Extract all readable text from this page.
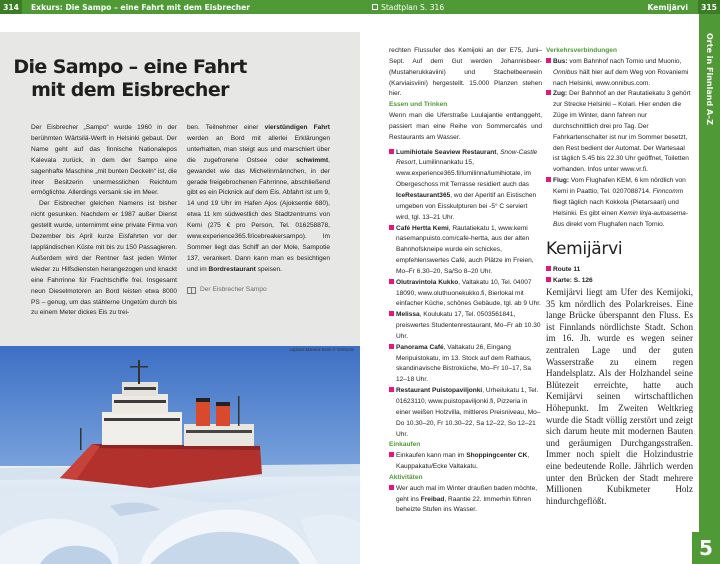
314	Exkurs: Die Sampo – eine Fahrt mit dem Eisbrecher	Stadtplan S. 316	Kemijärvi	315
Die Sampo – eine Fahrt
mit dem Eisbrecher

Der Eisbrecher „Sampo“ wurde 1960 in der berühmten Wärtsilä-Werft in Helsinki gebaut. Der Name geht auf das finnische Nationalepos Kalevala zurück, in dem der Sampo eine sagenhafte Maschine „mit bunten Deckeln“ ist, die ihrer Besitzerin unermesslichen Reichtum ermöglichte. Allerdings versank sie im Meer.

Der Eisbrecher gleichen Namens ist bisher nicht gesunken. Nachdem er 1987 außer Dienst gestellt wurde, unternimmt eine private Firma von Dezember bis April kurze Eisfahrten vor der lappländischen Küste mit bis zu 150 Passagieren. Außerdem wird der Rentner fast jeden Winter wieder zu Hilfsdiensten herangezogen und knackt eine Fahrrinne für Frachtschiffe frei. Insgesamt neun Dieselmotoren an Bord leisten etwa 8000 PS – genug, um das stählerne Ungetüm durch bis zu einem Meter dickes Eis zu trei-

ben. Teilnehmer einer vierstündigen Fahrt werden an Bord mit allerlei Erklärungen unterhalten, man steigt aus und marschiert über die zugefrorene Ostsee oder schwimmt, gewandet wie das Michelinmännchen, in der gerade freigebrochenen Fahrrinne, abschließend gibt es ein Picknick auf dem Eis. Abfahrt ist um 9, 14 und 19 Uhr im Hafen Ajos (Ajoksentie 680), etwa 11 km südwestlich des Stadtzentrums von Kemi (275 € pro Person, Tel. 016258878, www.experience365.fi/icebreakersampo). Im Sommer liegt das Schiff an der Mole, Sampotie 137, verankert. Dann kann man es besichtigen und im Bordrestaurant speisen.

Der Eisbrecher Sampo
Lapland Material Bank © VisitKemi

rechten Flussufer des Kemijoki an der E75, Juni–Sept. Auf dem Gut werden Johannisbeer- (Mustaherukkaviini) und Stachelbeerwein (Karviaisviini) hergestellt. 15.000 Planzen stehen hier.

Essen und Trinken

Wenn man die Uferstraße Luulajantie entlanggeht, passiert man eine Reihe von Sommercafés und Restaurants am Wasser.

Lumihiotale Seaview Restaurant, Snow-Castle Resort, Lumilinnankatu 15, www.experience365.fi/lumilinna/lumihiotale, im Obergeschoss mit Terrasse residiert auch das IceRestaurant365, wo der Aperitif an Eistischen umgeben von Eisskulpturen bei -5° C serviert wird, tgl. 13–21 Uhr.

Café Hertta Kemi, Rautatiekatu 1, www.kemi nasemanpuisto.com/cafe-hertta, aus der alten Bahnhofskneipe wurde ein schickes, empfehlenswertes Café, auch Plätze im Freien, Mo–Fr 6.30–20, Sa/So 8–20 Uhr.

Olutravintola Kukko, Valtakatu 10, Tel. 04007 18090, www.oluthuonekukko.fi, Bierlokal mit einfacher Küche, schönes Gebäude, tgl. ab 9 Uhr.

Melissa, Koulukatu 17, Tel. 0503561841, preiswertes Studentenrestaurant, Mo–Fr ab 10.30 Uhr.

Panorama Café, Valtakatu 26, Eingang Meripuistokatu, im 13. Stock auf dem Rathaus, skandinavische Bistroküche, Mo–Fr 10–17, Sa 12–18 Uhr.

Restaurant Puistopaviljonki, Urheilukatu 1, Tel. 01623110, www.puistopaviljonki.fi, Pizzeria in einer weißen Holzvilla, mittleres Preisniveau, Mo–Do 10.30–20, Fr 10.30–22, Sa 12–22, So 12–21 Uhr.

Einkaufen

Einkaufen kann man im Shoppingcenter CK, Kauppakatu/Ecke Valtakatu.

Aktivitäten

Wer auch mal im Winter draußen baden möchte, geht ins Freibad, Raantie 22. Immerhin führen beheizte Stufen ins Wasser.

Verkehrsverbindungen

Bus: vom Bahnhof nach Tornio und Muonio, Onnibus hält hier auf dem Weg von Rovaniemi nach Helsinki, www.onnibus.com.

Zug: Der Bahnhof an der Rautatiekatu 3 gehört zur Strecke Helsinki – Kolari. Hier enden die Züge im Winter, dann fahren nur durchschnittlich drei pro Tag. Der Fahrkartenschalter ist nur im Sommer besetzt, den Rest bedient der Automat. Der Wartesaal ist täglich 5.45 bis 22.30 Uhr geöffnet, Toiletten vorhanden. Infos unter www.vr.fi.

Flug: Vom Flughafen KEM, 6 km nördlich von Kemi in Paattio, Tel. 0207088714. Finncomm fliegt täglich nach Kokkola (Pietarsaari) und Helsinki. Es gibt einen Kemin linja-autoasema-Bus direkt vom Flughafen nach Tornio.

Kemijärvi

Route 11

Karte: S. 126

Kemijärvi liegt am Ufer des Kemijoki, 35 km nördlich des Polarkreises. Eine lange Brücke überspannt den Fluss. Es ist Finnlands nördlichste Stadt. Schon im 16. Jh. wurde es wegen seiner zentralen Lage und der guten Wasserstraße zu einem regen Handelsplatz. Als der Holzhandel seine Blütezeit erreichte, hatte auch Kemijärvi seinen wirtschaftlichen Höhepunkt. Im Zweiten Weltkrieg wurde die Stadt völlig zerstört und zeigt sich darum heute mit modernen Bauten und geräumigen Durchgangsstraßen. Immer noch spielt die Holzindustrie eine bedeutende Rolle. Jährlich werden unter den Brücken der Stadt mehrere Millionen Kubikmeter Holz hindurchgeflößt.

Orte in Finnland A–Z
5
